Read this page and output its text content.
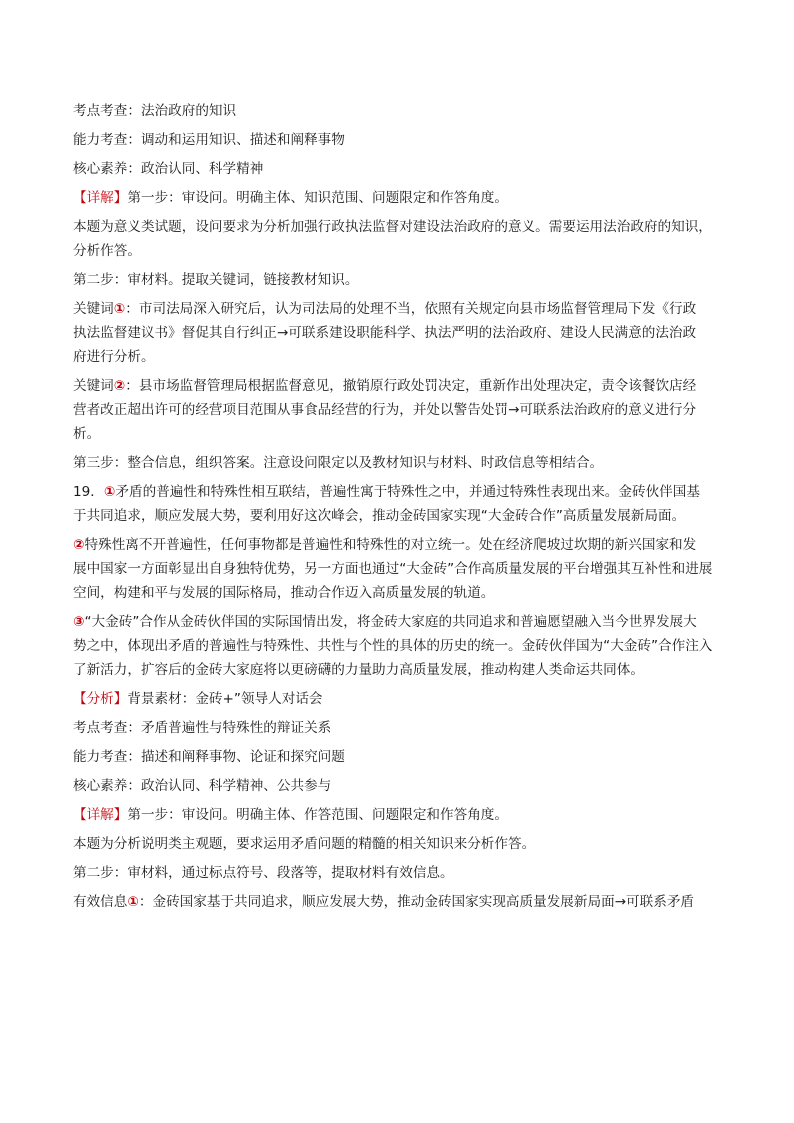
考点考查：法治政府的知识

能力考查：调动和运用知识、描述和阐释事物

核心素养：政治认同、科学精神

【详解】第一步：审设问。明确主体、知识范围、问题限定和作答角度。

本题为意义类试题，设问要求为分析加强行政执法监督对建设法治政府的意义。需要运用法治政府的知识，

分析作答。

第二步：审材料。提取关键词，链接教材知识。

关键词①：市司法局深入研究后，认为司法局的处理不当，依照有关规定向县市场监督管理局下发《行政

执法监督建议书》督促其自行纠正→可联系建设职能科学、执法严明的法治政府、建设人民满意的法治政

府进行分析。

关键词②：县市场监督管理局根据监督意见，撤销原行政处罚决定，重新作出处理决定，责令该餐饮店经

营者改正超出许可的经营项目范围从事食品经营的行为，并处以警告处罚→可联系法治政府的意义进行分

析。

第三步：整合信息，组织答案。注意设问限定以及教材知识与材料、时政信息等相结合。

19．①矛盾的普遍性和特殊性相互联结，普遍性寓于特殊性之中，并通过特殊性表现出来。金砖伙伴国基

于共同追求，顺应发展大势，要利用好这次峰会，推动金砖国家实现“大金砖合作”高质量发展新局面。

②特殊性离不开普遍性，任何事物都是普遍性和特殊性的对立统一。处在经济爬坡过坎期的新兴国家和发

展中国家一方面彰显出自身独特优势，另一方面也通过“大金砖”合作高质量发展的平台增强其互补性和进展

空间，构建和平与发展的国际格局，推动合作迈入高质量发展的轨道。

③“大金砖”合作从金砖伙伴国的实际国情出发，将金砖大家庭的共同追求和普遍愿望融入当今世界发展大

势之中，体现出矛盾的普遍性与特殊性、共性与个性的具体的历史的统一。金砖伙伴国为“大金砖”合作注入

了新活力，扩容后的金砖大家庭将以更磅礴的力量助力高质量发展，推动构建人类命运共同体。

【分析】背景素材：金砖+”领导人对话会

考点考查：矛盾普遍性与特殊性的辩证关系

能力考查：描述和阐释事物、论证和探究问题

核心素养：政治认同、科学精神、公共参与

【详解】第一步：审设问。明确主体、作答范围、问题限定和作答角度。

本题为分析说明类主观题，要求运用矛盾问题的精髓的相关知识来分析作答。

第二步：审材料，通过标点符号、段落等，提取材料有效信息。

有效信息①：金砖国家基于共同追求，顺应发展大势，推动金砖国家实现高质量发展新局面→可联系矛盾
